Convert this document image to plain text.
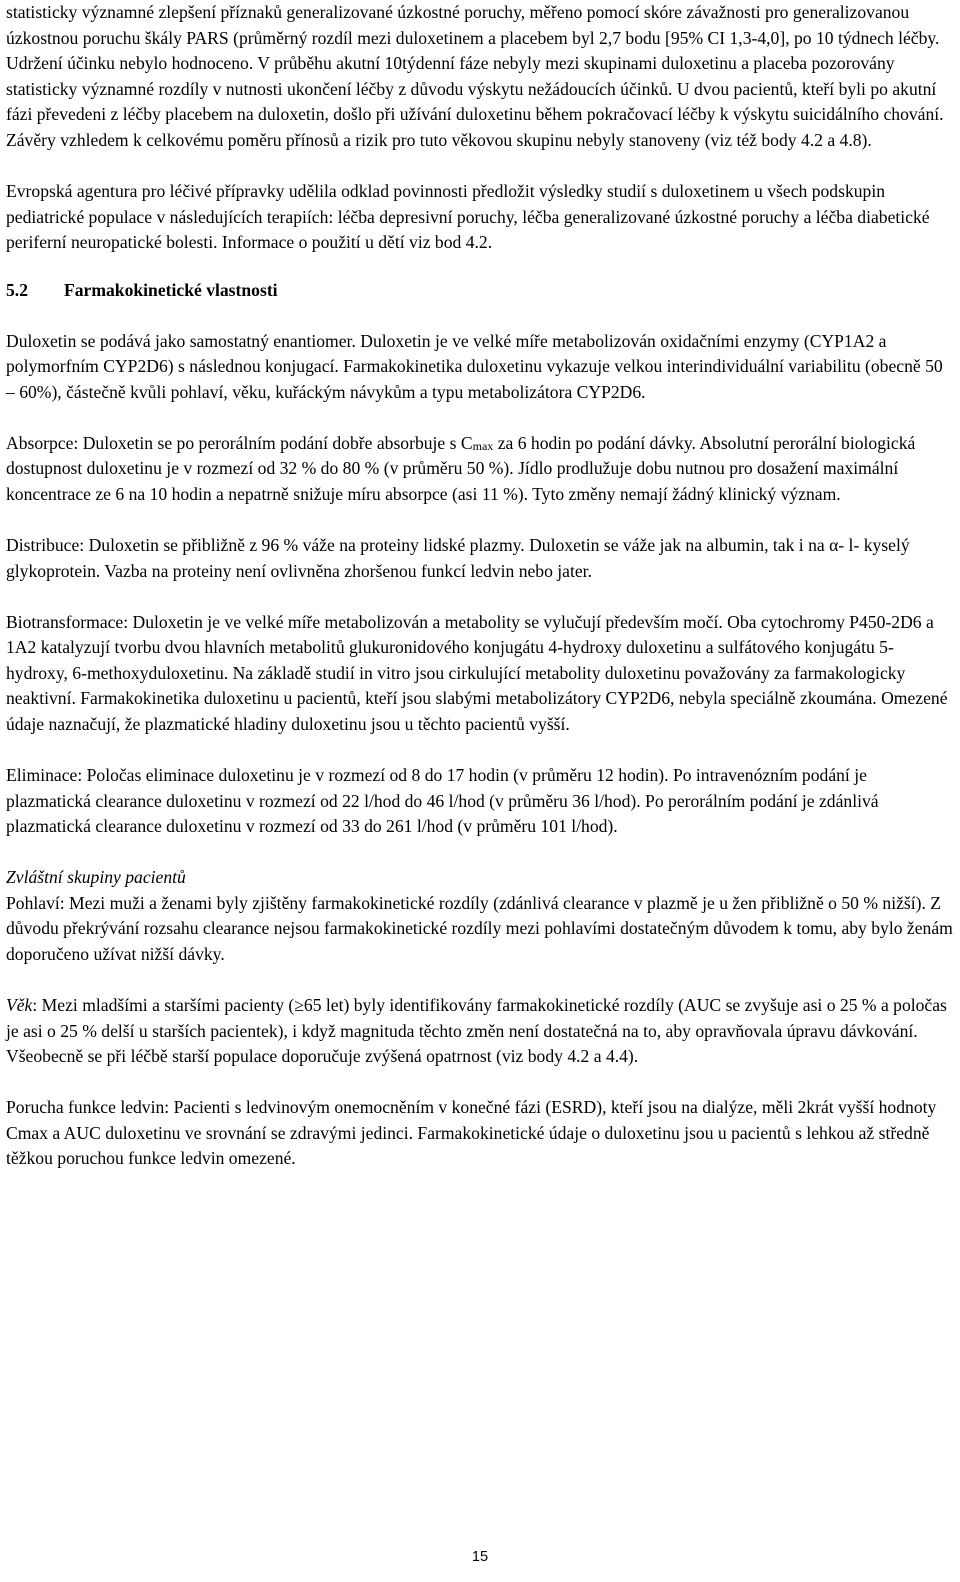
statisticky významné zlepšení příznaků generalizované úzkostné poruchy, měřeno pomocí skóre závažnosti pro generalizovanou úzkostnou poruchu škály PARS (průměrný rozdíl mezi duloxetinem a placebem byl 2,7 bodu [95% CI 1,3-4,0], po 10 týdnech léčby. Udržení účinku nebylo hodnoceno. V průběhu akutní 10týdenní fáze nebyly mezi skupinami duloxetinu a placeba pozorovány statisticky významné rozdíly v nutnosti ukončení léčby z důvodu výskytu nežádoucích účinků. U dvou pacientů, kteří byli po akutní fázi převedeni z léčby placebem na duloxetin, došlo při užívání duloxetinu během pokračovací léčby k výskytu suicidálního chování. Závěry vzhledem k celkovému poměru přínosů a rizik pro tuto věkovou skupinu nebyly stanoveny (viz též body 4.2 a 4.8).

Evropská agentura pro léčivé přípravky udělila odklad povinnosti předložit výsledky studií s duloxetinem u všech podskupin pediatrické populace v následujících terapiích: léčba depresivní poruchy, léčba generalizované úzkostné poruchy a léčba diabetické periferní neuropatické bolesti. Informace o použití u dětí viz bod 4.2.

5.2	Farmakokinetické vlastnosti

Duloxetin se podává jako samostatný enantiomer. Duloxetin je ve velké míře metabolizován oxidačními enzymy (CYP1A2 a polymorfním CYP2D6) s následnou konjugací. Farmakokinetika duloxetinu vykazuje velkou interindividuální variabilitu (obecně 50 – 60%), částečně kvůli pohlaví, věku, kuřáckým návykům a typu metabolizátora CYP2D6.

Absorpce: Duloxetin se po perorálním podání dobře absorbuje s $C_{max}$ za 6 hodin po podání dávky. Absolutní perorální biologická dostupnost duloxetinu je v rozmezí od 32 % do 80 % (v průměru 50 %). Jídlo prodlužuje dobu nutnou pro dosažení maximální koncentrace ze 6 na 10 hodin a nepatrně snižuje míru absorpce (asi 11 %). Tyto změny nemají žádný klinický význam.

Distribuce: Duloxetin se přibližně z 96 % váže na proteiny lidské plazmy. Duloxetin se váže jak na albumin, tak i na α- l- kyselý glykoprotein. Vazba na proteiny není ovlivněna zhoršenou funkcí ledvin nebo jater.

Biotransformace: Duloxetin je ve velké míře metabolizován a metabolity se vylučují především močí. Oba cytochromy P450-2D6 a 1A2 katalyzují tvorbu dvou hlavních metabolitů glukuronidového konjugátu 4-hydroxy duloxetinu a sulfátového konjugátu 5-hydroxy, 6-methoxyduloxetinu. Na základě studií in vitro jsou cirkulující metabolity duloxetinu považovány za farmakologicky neaktivní. Farmakokinetika duloxetinu u pacientů, kteří jsou slabými metabolizátory CYP2D6, nebyla speciálně zkoumána. Omezené údaje naznačují, že plazmatické hladiny duloxetinu jsou u těchto pacientů vyšší.

Eliminace: Poločas eliminace duloxetinu je v rozmezí od 8 do 17 hodin (v průměru 12 hodin). Po intravenózním podání je plazmatická clearance duloxetinu v rozmezí od 22 l/hod do 46 l/hod (v průměru 36 l/hod). Po perorálním podání je zdánlivá plazmatická clearance duloxetinu v rozmezí od 33 do 261 l/hod (v průměru 101 l/hod).

Zvláštní skupiny pacientů

Pohlaví: Mezi muži a ženami byly zjištěny farmakokinetické rozdíly (zdánlivá clearance v plazmě je u žen přibližně o 50 % nižší). Z důvodu překrývání rozsahu clearance nejsou farmakokinetické rozdíly mezi pohlavími dostatečným důvodem k tomu, aby bylo ženám doporučeno užívat nižší dávky.

Věk: Mezi mladšími a staršími pacienty (≥65 let) byly identifikovány farmakokinetické rozdíly (AUC se zvyšuje asi o 25 % a poločas je asi o 25 % delší u starších pacientek), i když magnituda těchto změn není dostatečná na to, aby opravňovala úpravu dávkování. Všeobecně se při léčbě starší populace doporučuje zvýšená opatrnost (viz body 4.2 a 4.4).

Porucha funkce ledvin: Pacienti s ledvinovým onemocněním v konečné fázi (ESRD), kteří jsou na dialýze, měli 2krát vyšší hodnoty Cmax a AUC duloxetinu ve srovnání se zdravými jedinci. Farmakokinetické údaje o duloxetinu jsou u pacientů s lehkou až středně těžkou poruchou funkce ledvin omezené.

15
